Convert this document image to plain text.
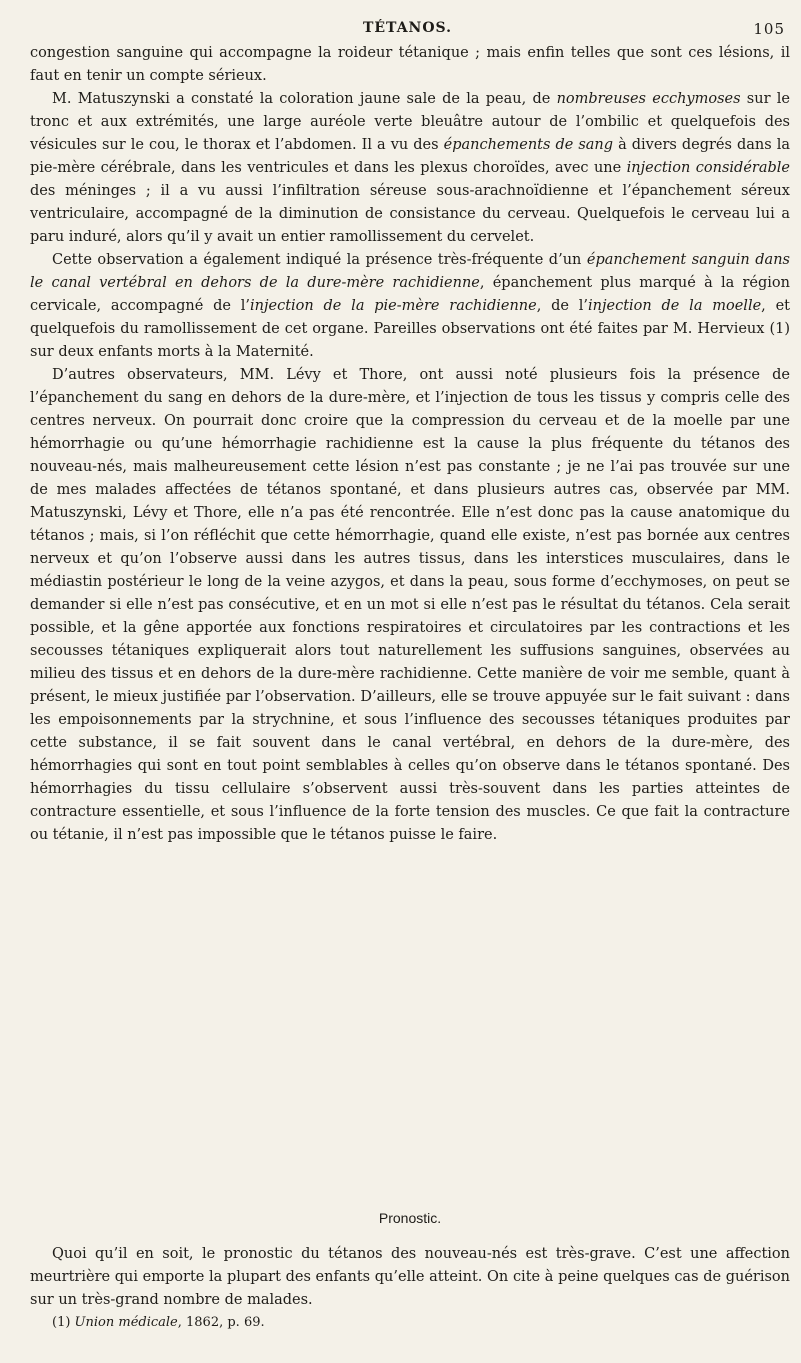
TÉTANOS.	105

congestion sanguine qui accompagne la roideur tétanique ; mais enfin telles que sont ces lésions, il faut en tenir un compte sérieux.

M. Matuszynski a constaté la coloration jaune sale de la peau, de nombreuses ecchymoses sur le tronc et aux extrémités, une large auréole verte bleuâtre autour de l’ombilic et quelquefois des vésicules sur le cou, le thorax et l’abdomen. Il a vu des épanchements de sang à divers degrés dans la pie-mère cérébrale, dans les ventricules et dans les plexus choroïdes, avec une injection considérable des méninges ; il a vu aussi l’infiltration séreuse sous-arachnoïdienne et l’épanchement séreux ventriculaire, accompagné de la diminution de consistance du cerveau. Quelquefois le cerveau lui a paru induré, alors qu’il y avait un entier ramollissement du cervelet.

Cette observation a également indiqué la présence très-fréquente d’un épanchement sanguin dans le canal vertébral en dehors de la dure-mère rachidienne, épanchement plus marqué à la région cervicale, accompagné de l’injection de la pie-mère rachidienne, de l’injection de la moelle, et quelquefois du ramollissement de cet organe. Pareilles observations ont été faites par M. Hervieux (1) sur deux enfants morts à la Maternité.

D’autres observateurs, MM. Lévy et Thore, ont aussi noté plusieurs fois la présence de l’épanchement du sang en dehors de la dure-mère, et l’injection de tous les tissus y compris celle des centres nerveux. On pourrait donc croire que la compression du cerveau et de la moelle par une hémorrhagie ou qu’une hémorrhagie rachidienne est la cause la plus fréquente du tétanos des nouveau-nés, mais malheureusement cette lésion n’est pas constante ; je ne l’ai pas trouvée sur une de mes malades affectées de tétanos spontané, et dans plusieurs autres cas, observée par MM. Matuszynski, Lévy et Thore, elle n’a pas été rencontrée. Elle n’est donc pas la cause anatomique du tétanos ; mais, si l’on réfléchit que cette hémorrhagie, quand elle existe, n’est pas bornée aux centres nerveux et qu’on l’observe aussi dans les autres tissus, dans les interstices musculaires, dans le médiastin postérieur le long de la veine azygos, et dans la peau, sous forme d’ecchymoses, on peut se demander si elle n’est pas consécutive, et en un mot si elle n’est pas le résultat du tétanos. Cela serait possible, et la gêne apportée aux fonctions respiratoires et circulatoires par les contractions et les secousses tétaniques expliquerait alors tout naturellement les suffusions sanguines, observées au milieu des tissus et en dehors de la dure-mère rachidienne. Cette manière de voir me semble, quant à présent, le mieux justifiée par l’observation. D’ailleurs, elle se trouve appuyée sur le fait suivant : dans les empoisonnements par la strychnine, et sous l’influence des secousses tétaniques produites par cette substance, il se fait souvent dans le canal vertébral, en dehors de la dure-mère, des hémorrhagies qui sont en tout point semblables à celles qu’on observe dans le tétanos spontané. Des hémorrhagies du tissu cellulaire s’observent aussi très-souvent dans les parties atteintes de contracture essentielle, et sous l’influence de la forte tension des muscles. Ce que fait la contracture ou tétanie, il n’est pas impossible que le tétanos puisse le faire.

Pronostic.

Quoi qu’il en soit, le pronostic du tétanos des nouveau-nés est très-grave. C’est une affection meurtrière qui emporte la plupart des enfants qu’elle atteint. On cite à peine quelques cas de guérison sur un très-grand nombre de malades.

(1) Union médicale, 1862, p. 69.
